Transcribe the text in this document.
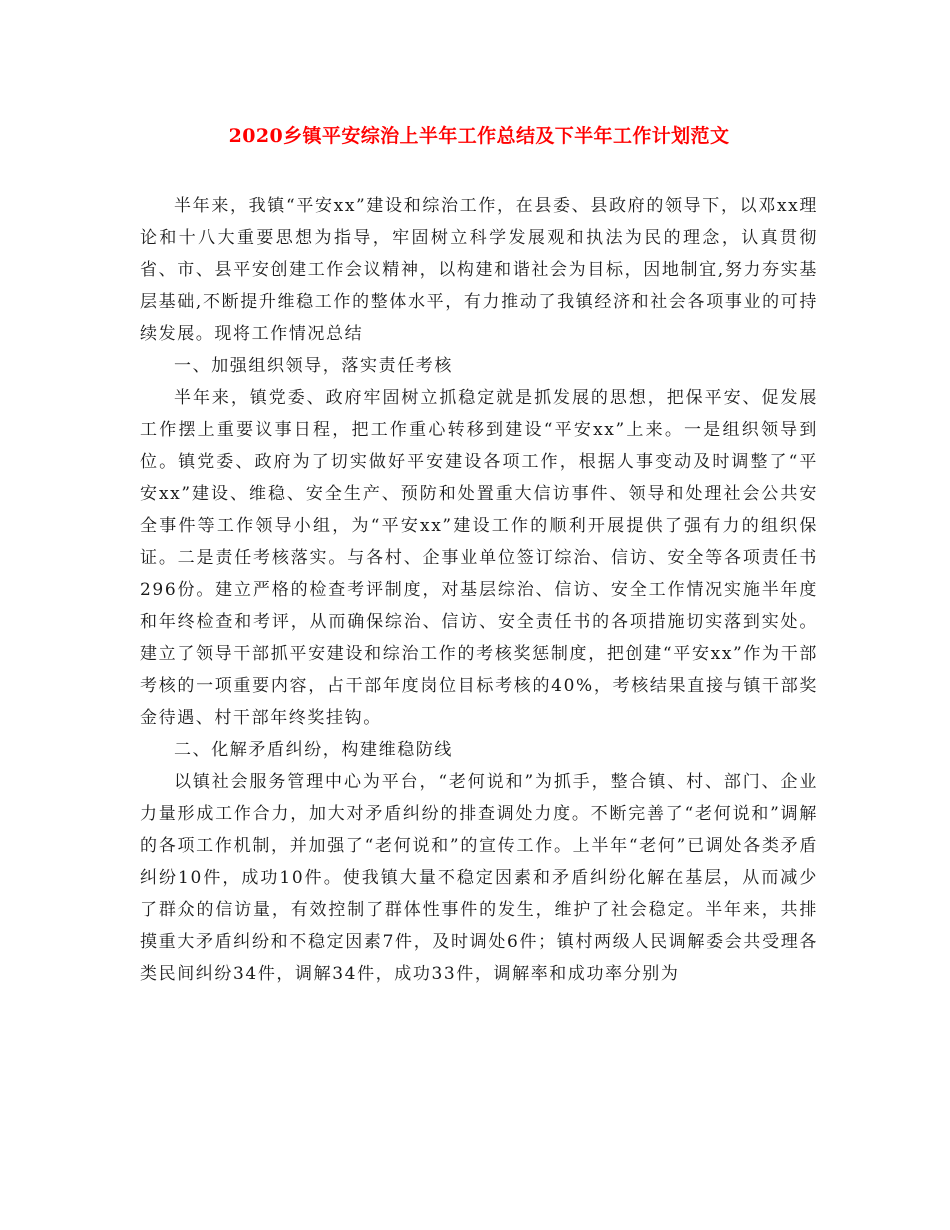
2020乡镇平安综治上半年工作总结及下半年工作计划范文

半年来，我镇“平安xx”建设和综治工作，在县委、县政府的领导下，以邓xx理论和十八大重要思想为指导，牢固树立科学发展观和执法为民的理念，认真贯彻省、市、县平安创建工作会议精神，以构建和谐社会为目标，因地制宜,努力夯实基层基础,不断提升维稳工作的整体水平，有力推动了我镇经济和社会各项事业的可持续发展。现将工作情况总结

一、加强组织领导，落实责任考核

半年来，镇党委、政府牢固树立抓稳定就是抓发展的思想，把保平安、促发展工作摆上重要议事日程，把工作重心转移到建设“平安xx”上来。一是组织领导到位。镇党委、政府为了切实做好平安建设各项工作，根据人事变动及时调整了“平安xx”建设、维稳、安全生产、预防和处置重大信访事件、领导和处理社会公共安全事件等工作领导小组，为“平安xx”建设工作的顺利开展提供了强有力的组织保证。二是责任考核落实。与各村、企事业单位签订综治、信访、安全等各项责任书296份。建立严格的检查考评制度，对基层综治、信访、安全工作情况实施半年度和年终检查和考评，从而确保综治、信访、安全责任书的各项措施切实落到实处。建立了领导干部抓平安建设和综治工作的考核奖惩制度，把创建“平安xx”作为干部考核的一项重要内容，占干部年度岗位目标考核的40%，考核结果直接与镇干部奖金待遇、村干部年终奖挂钩。

二、化解矛盾纠纷，构建维稳防线

以镇社会服务管理中心为平台，“老何说和”为抓手，整合镇、村、部门、企业力量形成工作合力，加大对矛盾纠纷的排查调处力度。不断完善了“老何说和”调解的各项工作机制，并加强了“老何说和”的宣传工作。上半年“老何”已调处各类矛盾纠纷10件，成功10件。使我镇大量不稳定因素和矛盾纠纷化解在基层，从而减少了群众的信访量，有效控制了群体性事件的发生，维护了社会稳定。半年来，共排摸重大矛盾纠纷和不稳定因素7件，及时调处6件；镇村两级人民调解委会共受理各类民间纠纷34件，调解34件，成功33件，调解率和成功率分别为
